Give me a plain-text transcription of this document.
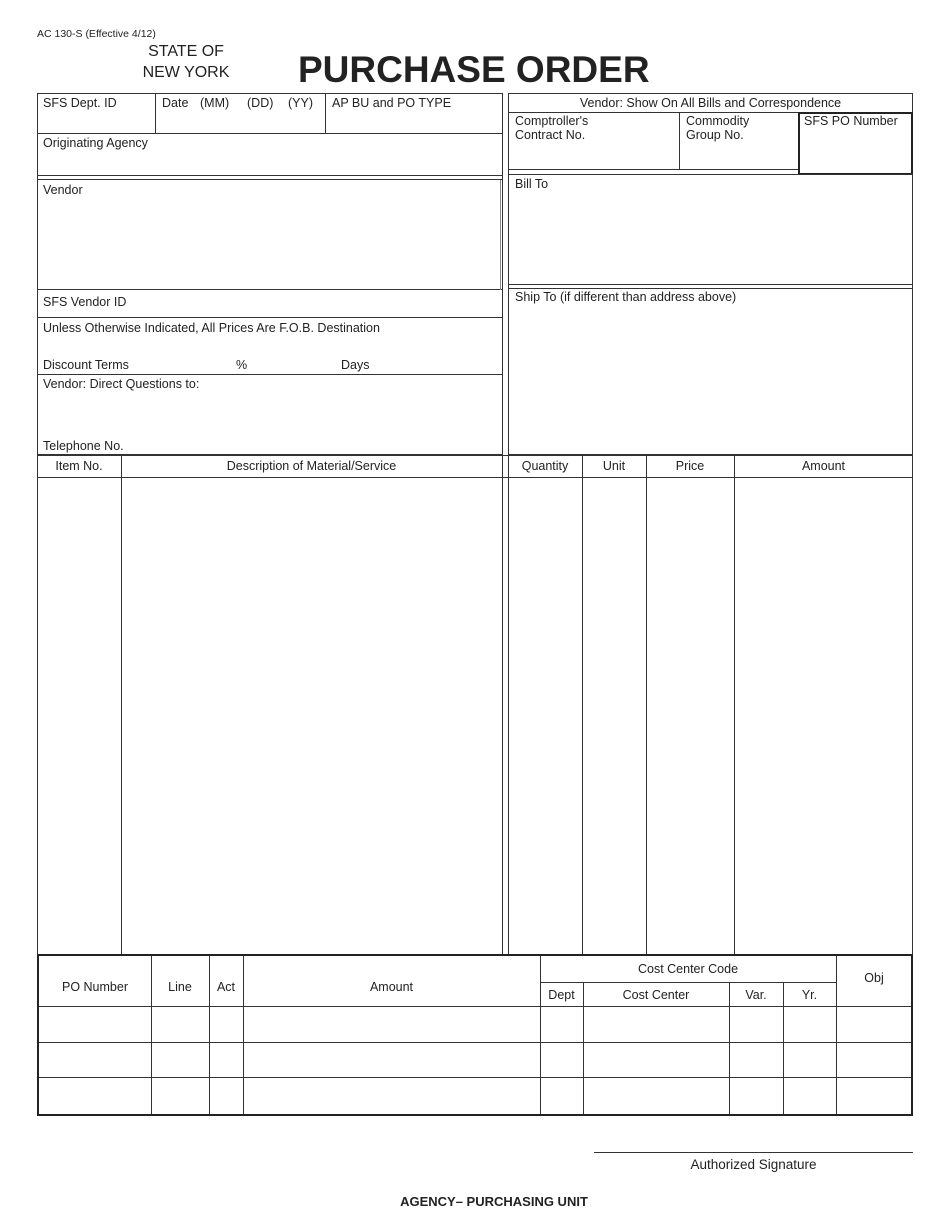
AC 130-S (Effective 4/12)
STATE OF
NEW YORK	PURCHASE ORDER
SFS Dept. ID	Date (MM) (DD) (YY) AP BU and PO TYPE
Originating Agency
Vendor
SFS Vendor ID
Unless Otherwise Indicated, All Prices Are F.O.B. Destination
Discount Terms	%	Days
Vendor: Direct Questions to:
Telephone No.
Vendor: Show On All Bills and Correspondence
Comptroller's
Contract No.
Commodity
Group No.
SFS PO Number
Bill To
Ship To (if different than address above)
Item No.	Description of Material/Service	Quantity	Unit	Price	Amount
PO Number	Line	Act	Amount
Cost Center Code
Obj
Dept	Cost Center	Var.	Yr.
Authorized Signature
AGENCY– PURCHASING UNIT
